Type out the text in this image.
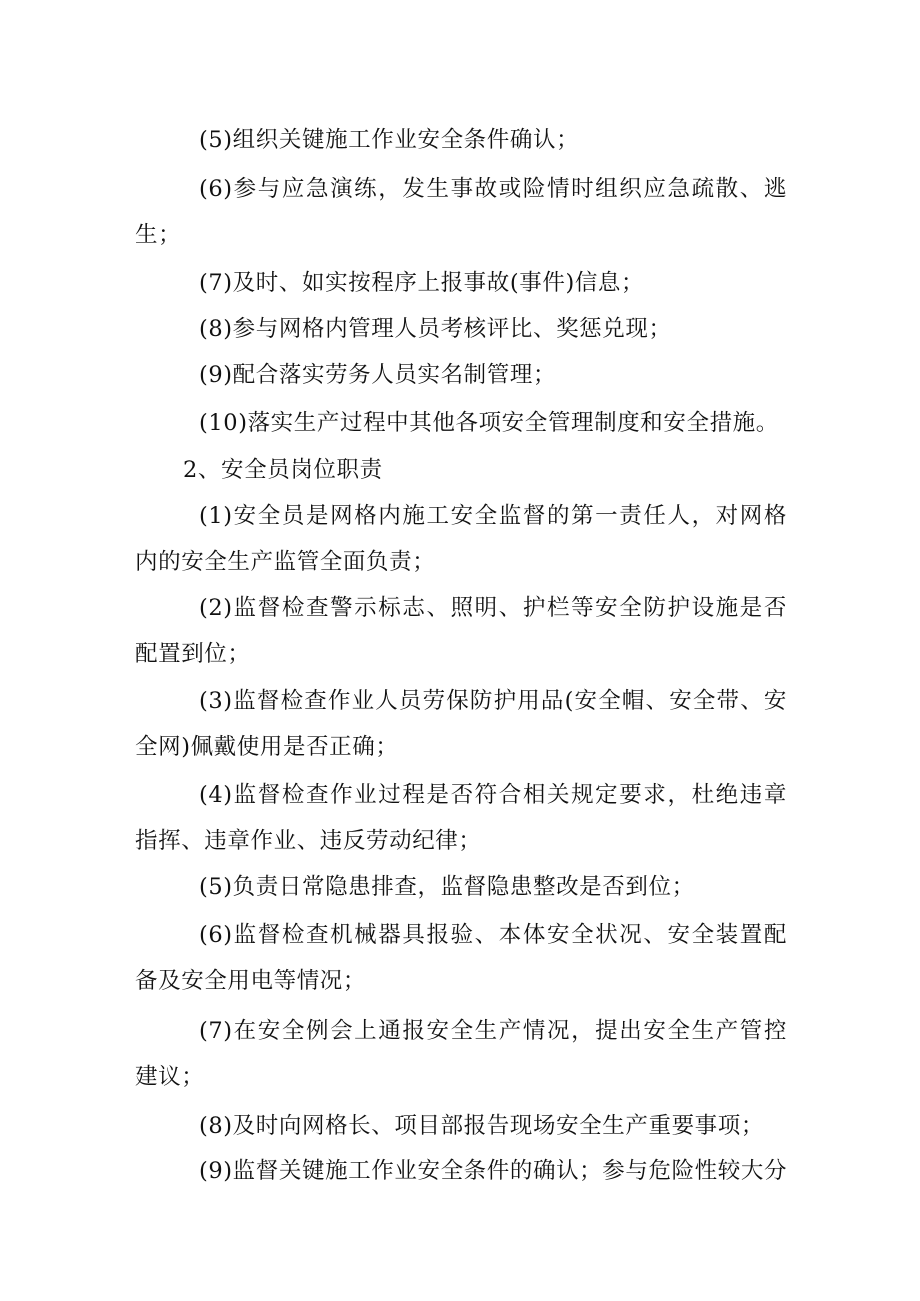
(5)组织关键施工作业安全条件确认；

(6)参与应急演练，发生事故或险情时组织应急疏散、逃生；

(7)及时、如实按程序上报事故(事件)信息；

(8)参与网格内管理人员考核评比、奖惩兑现；

(9)配合落实劳务人员实名制管理；

(10)落实生产过程中其他各项安全管理制度和安全措施。

2、安全员岗位职责

(1)安全员是网格内施工安全监督的第一责任人，对网格内的安全生产监管全面负责；

(2)监督检查警示标志、照明、护栏等安全防护设施是否配置到位；

(3)监督检查作业人员劳保防护用品(安全帽、安全带、安全网)佩戴使用是否正确；

(4)监督检查作业过程是否符合相关规定要求，杜绝违章指挥、违章作业、违反劳动纪律；

(5)负责日常隐患排查，监督隐患整改是否到位；

(6)监督检查机械器具报验、本体安全状况、安全装置配备及安全用电等情况；

(7)在安全例会上通报安全生产情况，提出安全生产管控建议；

(8)及时向网格长、项目部报告现场安全生产重要事项；

(9)监督关键施工作业安全条件的确认；参与危险性较大分
